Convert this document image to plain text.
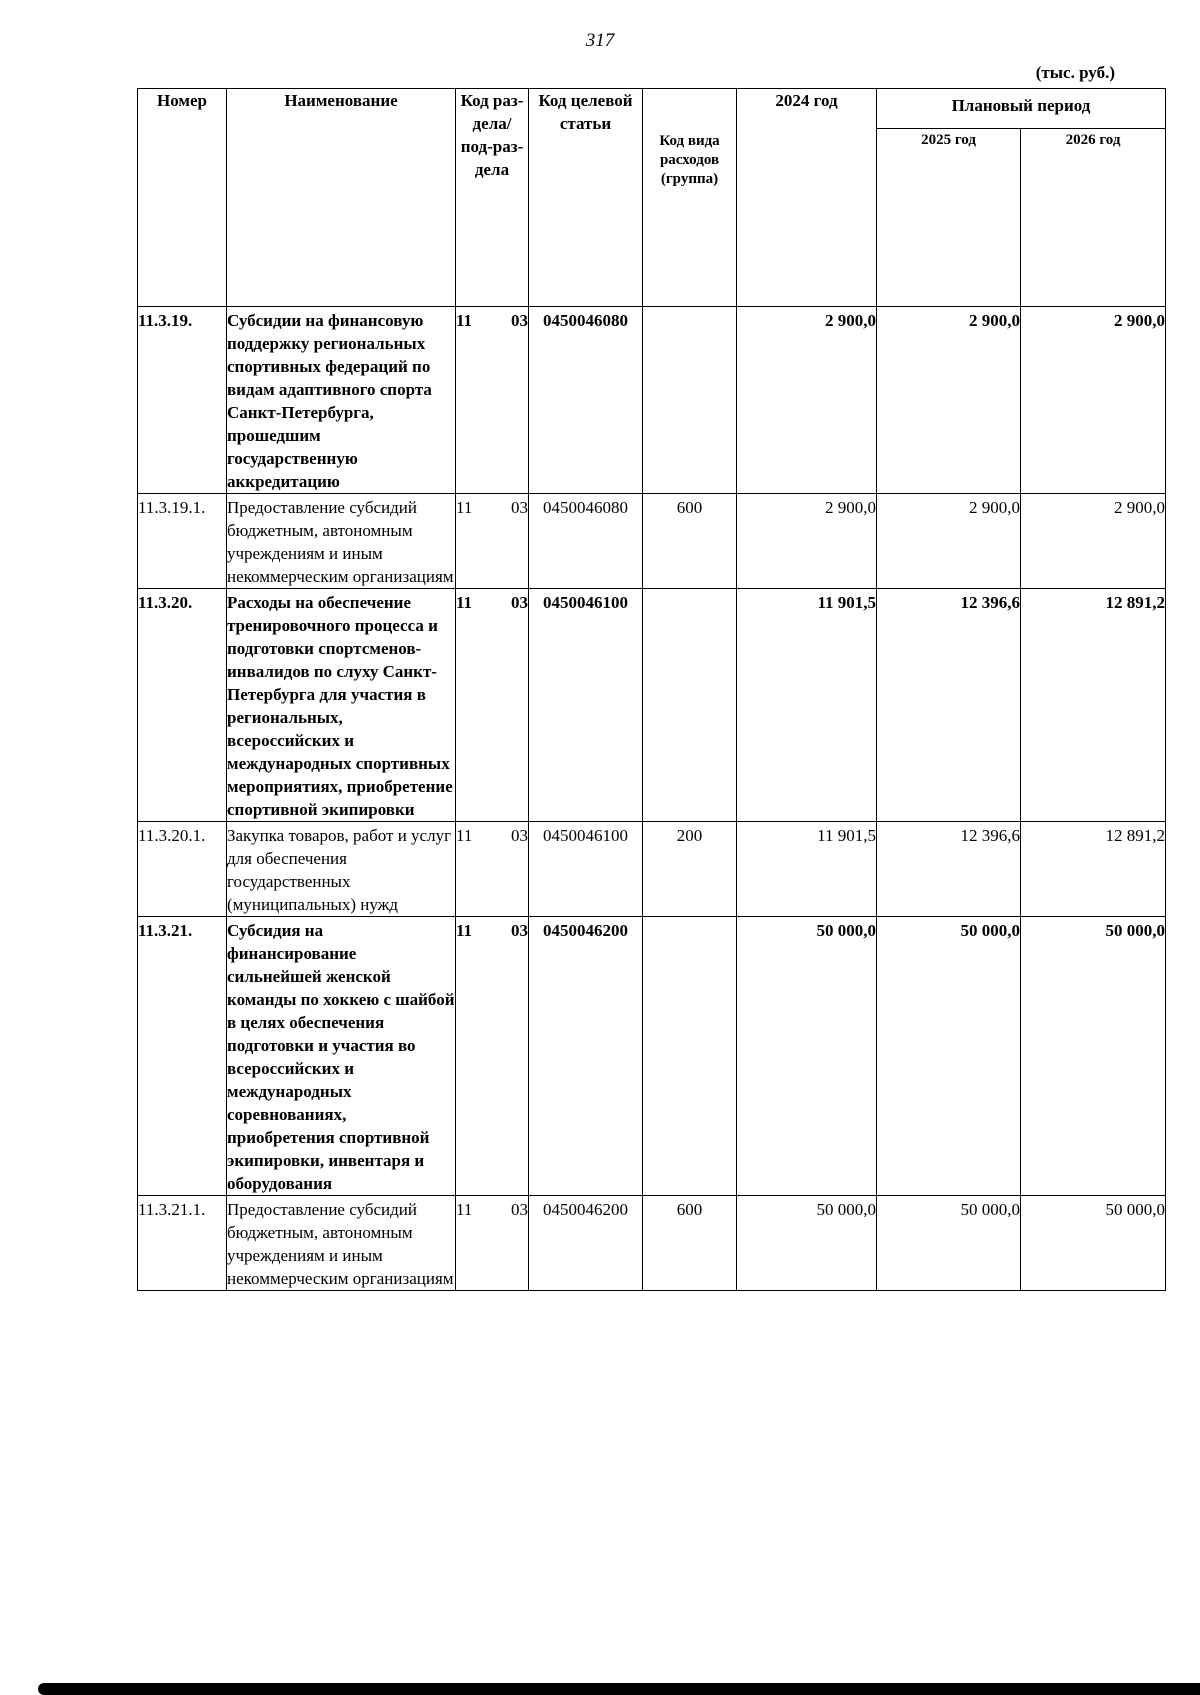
317
(тыс. руб.)
Номер	Наименование	Код раз-дела/ под-раз-дела	Код целевой статьи	Код вида расходов (группа)	2024 год	Плановый период	
						2025 год	2026 год
11.3.19.	Субсидии на финансовую поддержку региональных спортивных федераций по видам адаптивного спорта Санкт-Петербурга, прошедшим государственную аккредитацию	11 03	0450046080		2 900,0	2 900,0	2 900,0
11.3.19.1.	Предоставление субсидий бюджетным, автономным учреждениям и иным некоммерческим организациям	11 03	0450046080	600	2 900,0	2 900,0	2 900,0
11.3.20.	Расходы на обеспечение тренировочного процесса и подготовки спортсменов-инвалидов по слуху Санкт-Петербурга для участия в региональных, всероссийских и международных спортивных мероприятиях, приобретение спортивной экипировки	11 03	0450046100		11 901,5	12 396,6	12 891,2
11.3.20.1.	Закупка товаров, работ и услуг для обеспечения государственных (муниципальных) нужд	11 03	0450046100	200	11 901,5	12 396,6	12 891,2
11.3.21.	Субсидия на финансирование сильнейшей женской команды по хоккею с шайбой в целях обеспечения подготовки и участия во всероссийских и международных соревнованиях, приобретения спортивной экипировки, инвентаря и оборудования	11 03	0450046200		50 000,0	50 000,0	50 000,0
11.3.21.1.	Предоставление субсидий бюджетным, автономным учреждениям и иным некоммерческим организациям	11 03	0450046200	600	50 000,0	50 000,0	50 000,0
